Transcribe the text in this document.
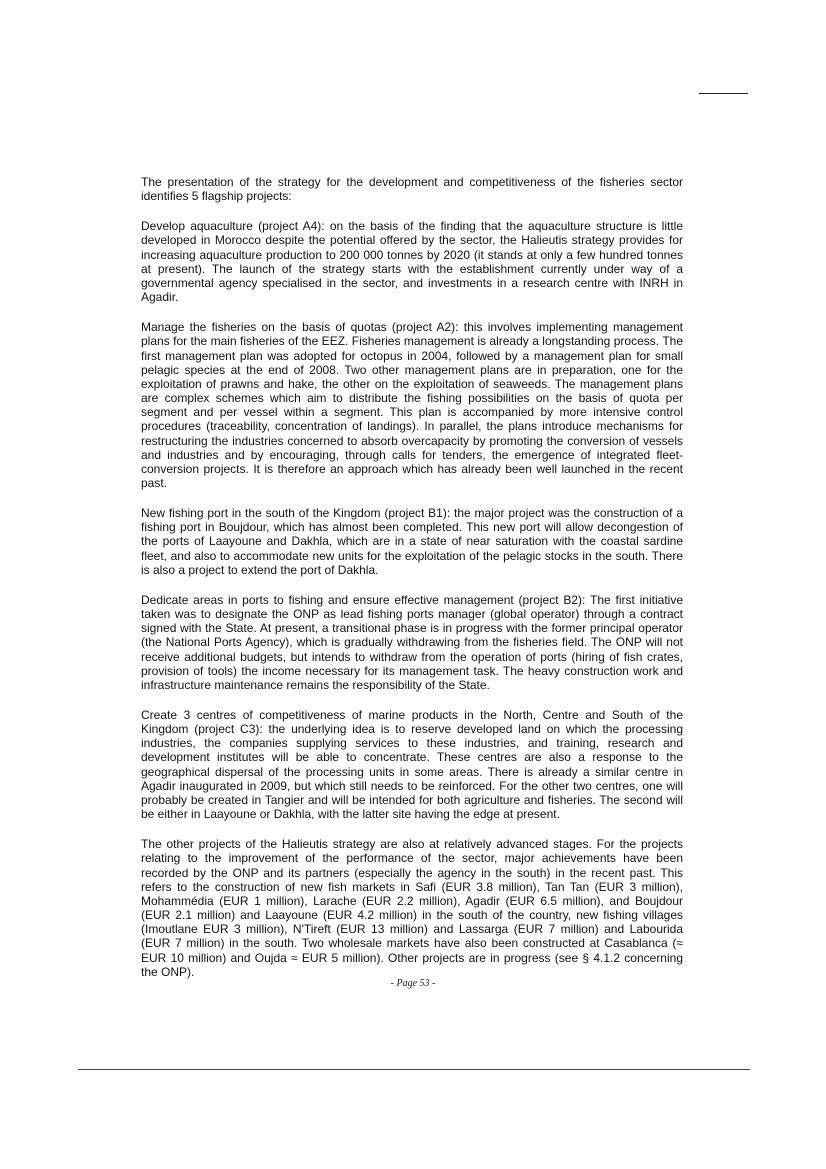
The presentation of the strategy for the development and competitiveness of the fisheries sector identifies 5 flagship projects:

Develop aquaculture (project A4): on the basis of the finding that the aquaculture structure is little developed in Morocco despite the potential offered by the sector, the Halieutis strategy provides for increasing aquaculture production to 200 000 tonnes by 2020 (it stands at only a few hundred tonnes at present). The launch of the strategy starts with the establishment currently under way of a governmental agency specialised in the sector, and investments in a research centre with INRH in Agadir.

Manage the fisheries on the basis of quotas (project A2): this involves implementing management plans for the main fisheries of the EEZ. Fisheries management is already a longstanding process. The first management plan was adopted for octopus in 2004, followed by a management plan for small pelagic species at the end of 2008. Two other management plans are in preparation, one for the exploitation of prawns and hake, the other on the exploitation of seaweeds. The management plans are complex schemes which aim to distribute the fishing possibilities on the basis of quota per segment and per vessel within a segment. This plan is accompanied by more intensive control procedures (traceability, concentration of landings). In parallel, the plans introduce mechanisms for restructuring the industries concerned to absorb overcapacity by promoting the conversion of vessels and industries and by encouraging, through calls for tenders, the emergence of integrated fleet-conversion projects. It is therefore an approach which has already been well launched in the recent past.

New fishing port in the south of the Kingdom (project B1): the major project was the construction of a fishing port in Boujdour, which has almost been completed. This new port will allow decongestion of the ports of Laayoune and Dakhla, which are in a state of near saturation with the coastal sardine fleet, and also to accommodate new units for the exploitation of the pelagic stocks in the south. There is also a project to extend the port of Dakhla.

Dedicate areas in ports to fishing and ensure effective management (project B2): The first initiative taken was to designate the ONP as lead fishing ports manager (global operator) through a contract signed with the State. At present, a transitional phase is in progress with the former principal operator (the National Ports Agency), which is gradually withdrawing from the fisheries field. The ONP will not receive additional budgets, but intends to withdraw from the operation of ports (hiring of fish crates, provision of tools) the income necessary for its management task. The heavy construction work and infrastructure maintenance remains the responsibility of the State.

Create 3 centres of competitiveness of marine products in the North, Centre and South of the Kingdom (project C3): the underlying idea is to reserve developed land on which the processing industries, the companies supplying services to these industries, and training, research and development institutes will be able to concentrate. These centres are also a response to the geographical dispersal of the processing units in some areas. There is already a similar centre in Agadir inaugurated in 2009, but which still needs to be reinforced. For the other two centres, one will probably be created in Tangier and will be intended for both agriculture and fisheries. The second will be either in Laayoune or Dakhla, with the latter site having the edge at present.

The other projects of the Halieutis strategy are also at relatively advanced stages. For the projects relating to the improvement of the performance of the sector, major achievements have been recorded by the ONP and its partners (especially the agency in the south) in the recent past. This refers to the construction of new fish markets in Safi (EUR 3.8 million), Tan Tan (EUR 3 million), Mohammédia (EUR 1 million), Larache (EUR 2.2 million), Agadir (EUR 6.5 million), and Boujdour (EUR 2.1 million) and Laayoune (EUR 4.2 million) in the south of the country, new fishing villages (Imoutlane EUR 3 million), N'Tireft (EUR 13 million) and Lassarga (EUR 7 million) and Labourida (EUR 7 million) in the south. Two wholesale markets have also been constructed at Casablanca (≈ EUR 10 million) and Oujda ≈ EUR 5 million). Other projects are in progress (see § 4.1.2 concerning the ONP).

- Page 53 -
